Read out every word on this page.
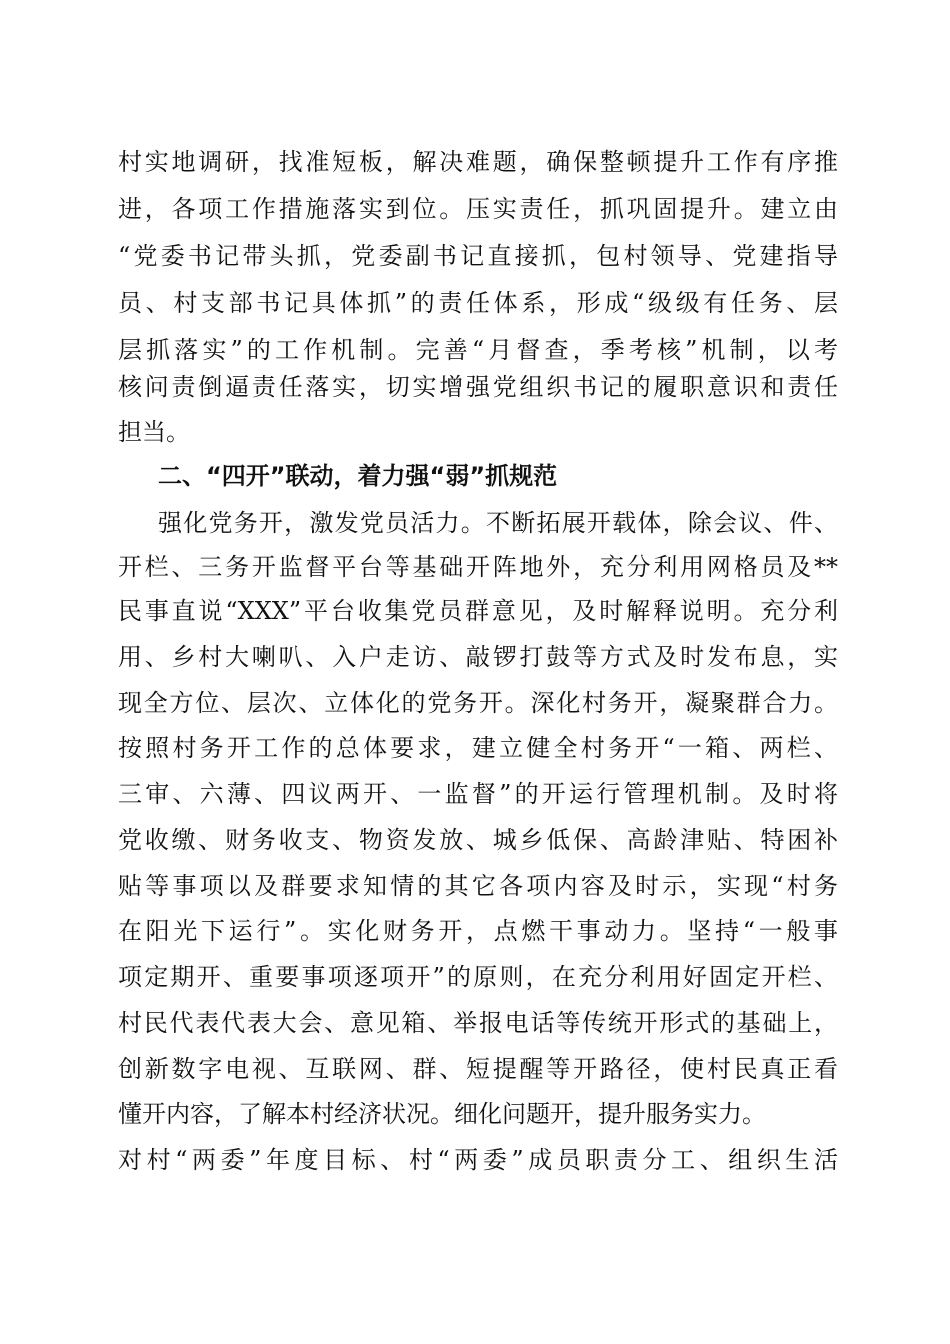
村实地调研，找准短板，解决难题，确保整顿提升工作有序推
进，各项工作措施落实到位。压实责任，抓巩固提升。建立由
“党委书记带头抓，党委副书记直接抓，包村领导、党建指导
员、村支部书记具体抓”的责任体系，形成“级级有任务、层
层抓落实”的工作机制。完善“月督查，季考核”机制，以考
核问责倒逼责任落实，切实增强党组织书记的履职意识和责任
担当。
二、“四开”联动，着力强“弱”抓规范
强化党务开，激发党员活力。不断拓展开载体，除会议、件、
开栏、三务开监督平台等基础开阵地外，充分利用网格员及**
民事直说“XXX”平台收集党员群意见，及时解释说明。充分利
用、乡村大喇叭、入户走访、敲锣打鼓等方式及时发布息，实
现全方位、层次、立体化的党务开。深化村务开，凝聚群合力。
按照村务开工作的总体要求，建立健全村务开“一箱、两栏、
三审、六薄、四议两开、一监督”的开运行管理机制。及时将
党收缴、财务收支、物资发放、城乡低保、高龄津贴、特困补
贴等事项以及群要求知情的其它各项内容及时示，实现“村务
在阳光下运行”。实化财务开，点燃干事动力。坚持“一般事
项定期开、重要事项逐项开”的原则，在充分利用好固定开栏、
村民代表代表大会、意见箱、举报电话等传统开形式的基础上，
创新数字电视、互联网、群、短提醒等开路径，使村民真正看
懂开内容，了解本村经济状况。细化问题开，提升服务实力。
对村“两委”年度目标、村“两委”成员职责分工、组织生活
